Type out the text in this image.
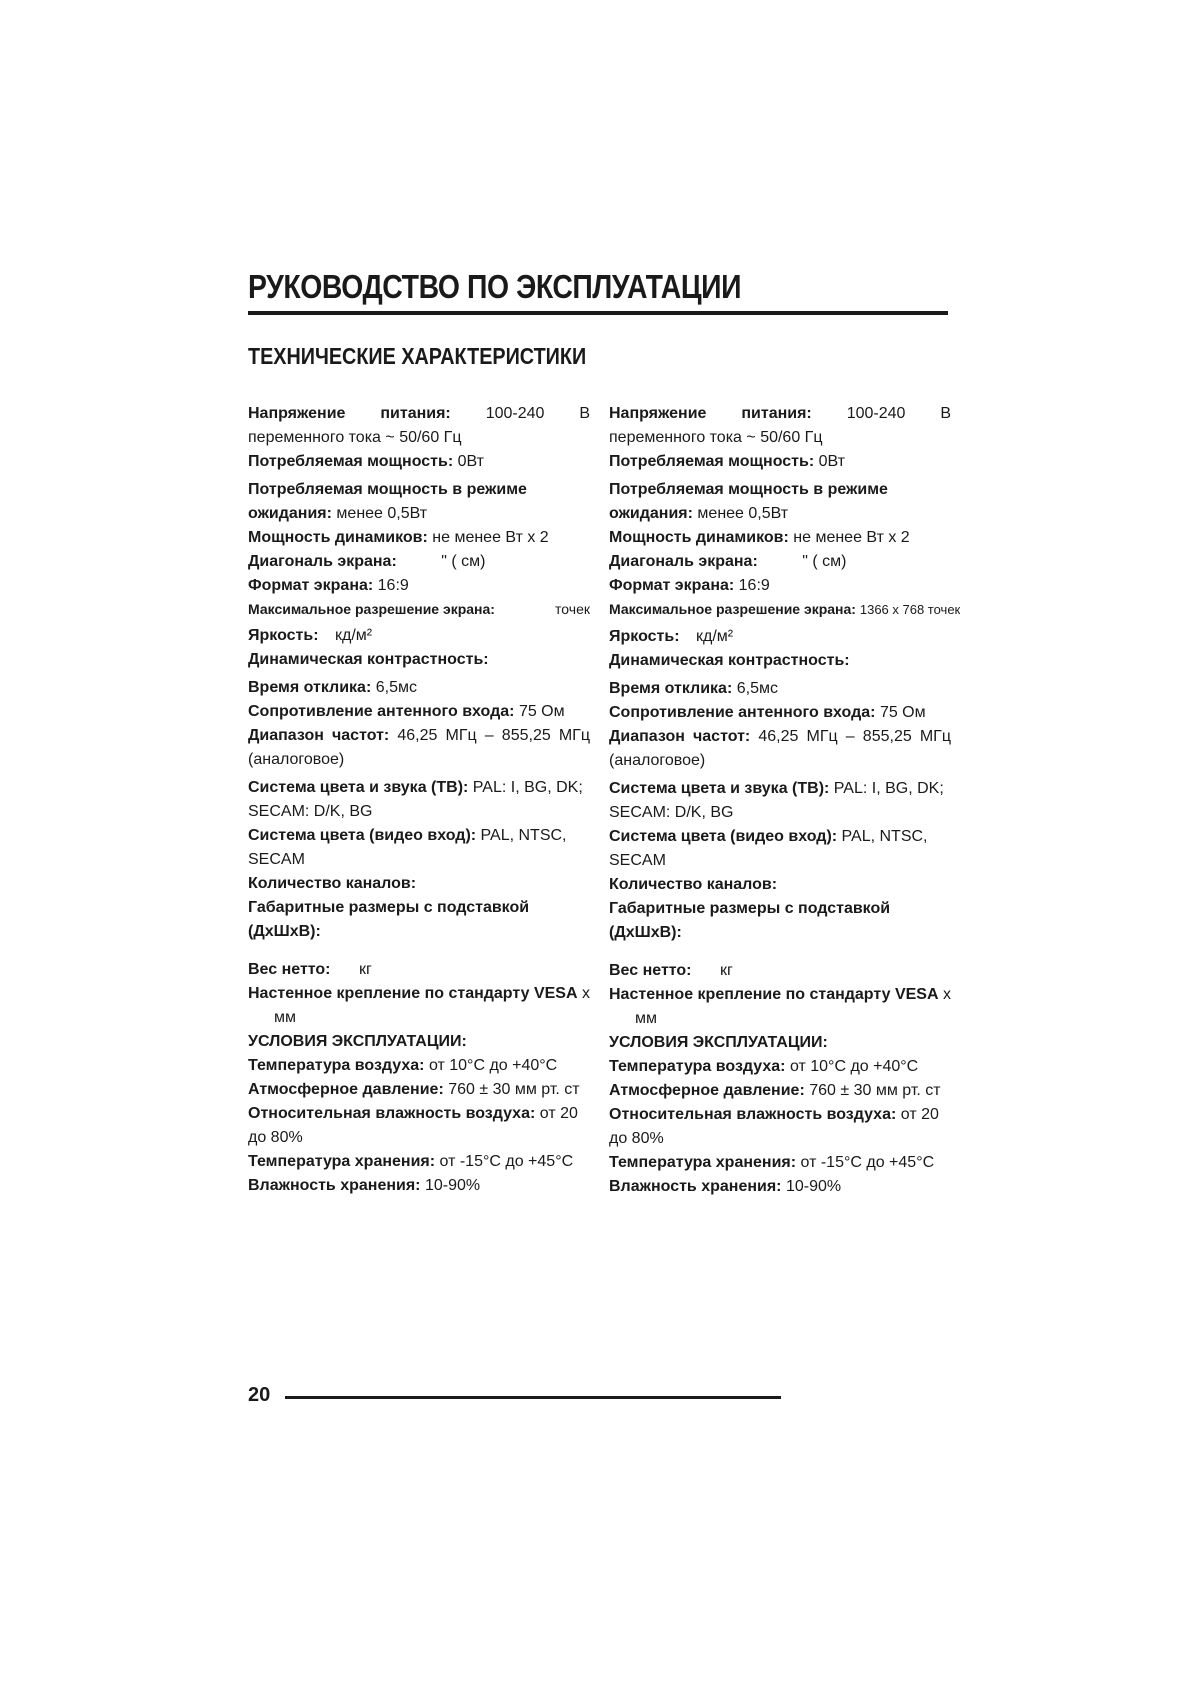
РУКОВОДСТВО ПО ЭКСПЛУАТАЦИИ
ТЕХНИЧЕСКИЕ ХАРАКТЕРИСТИКИ
Напряжение питания: 100-240 В переменного тока ~ 50/60 Гц
Потребляемая мощность: 0Вт
Потребляемая мощность в режиме ожидания: менее 0,5Вт
Мощность динамиков: не менее Вт х 2
Диагональ экрана:	" ( см)
Формат экрана: 16:9
Максимальное разрешение экрана:	точек
Яркость: кд/м²
Динамическая контрастность:
Время отклика: 6,5мс
Сопротивление антенного входа: 75 Ом
Диапазон частот: 46,25 МГц – 855,25 МГц (аналоговое)
Система цвета и звука (ТВ): PAL: I, BG, DK; SECAM: D/K, BG
Система цвета (видео вход): PAL, NTSC, SECAM
Количество каналов:
Габаритные размеры с подставкой (ДхШхВ):
Вес нетто: кг
Настенное крепление по стандарту VESA х
мм
УСЛОВИЯ ЭКСПЛУАТАЦИИ:
Температура воздуха: от 10°С до +40°С
Атмосферное давление: 760 ± 30 мм рт. ст
Относительная влажность воздуха: от 20 до 80%
Температура хранения: от -15°С до +45°С
Влажность хранения: 10-90%
Напряжение питания: 100-240 В переменного тока ~ 50/60 Гц
Потребляемая мощность: 0Вт
Потребляемая мощность в режиме ожидания: менее 0,5Вт
Мощность динамиков: не менее Вт х 2
Диагональ экрана:	" ( см)
Формат экрана: 16:9
Максимальное разрешение экрана: 1366 х 768 точек
Яркость: кд/м²
Динамическая контрастность:
Время отклика: 6,5мс
Сопротивление антенного входа: 75 Ом
Диапазон частот: 46,25 МГц – 855,25 МГц (аналоговое)
Система цвета и звука (ТВ): PAL: I, BG, DK; SECAM: D/K, BG
Система цвета (видео вход): PAL, NTSC, SECAM
Количество каналов:
Габаритные размеры с подставкой (ДхШхВ):
Вес нетто: кг
Настенное крепление по стандарту VESA х
мм
УСЛОВИЯ ЭКСПЛУАТАЦИИ:
Температура воздуха: от 10°С до +40°С
Атмосферное давление: 760 ± 30 мм рт. ст
Относительная влажность воздуха: от 20 до 80%
Температура хранения: от -15°С до +45°С
Влажность хранения: 10-90%
20
